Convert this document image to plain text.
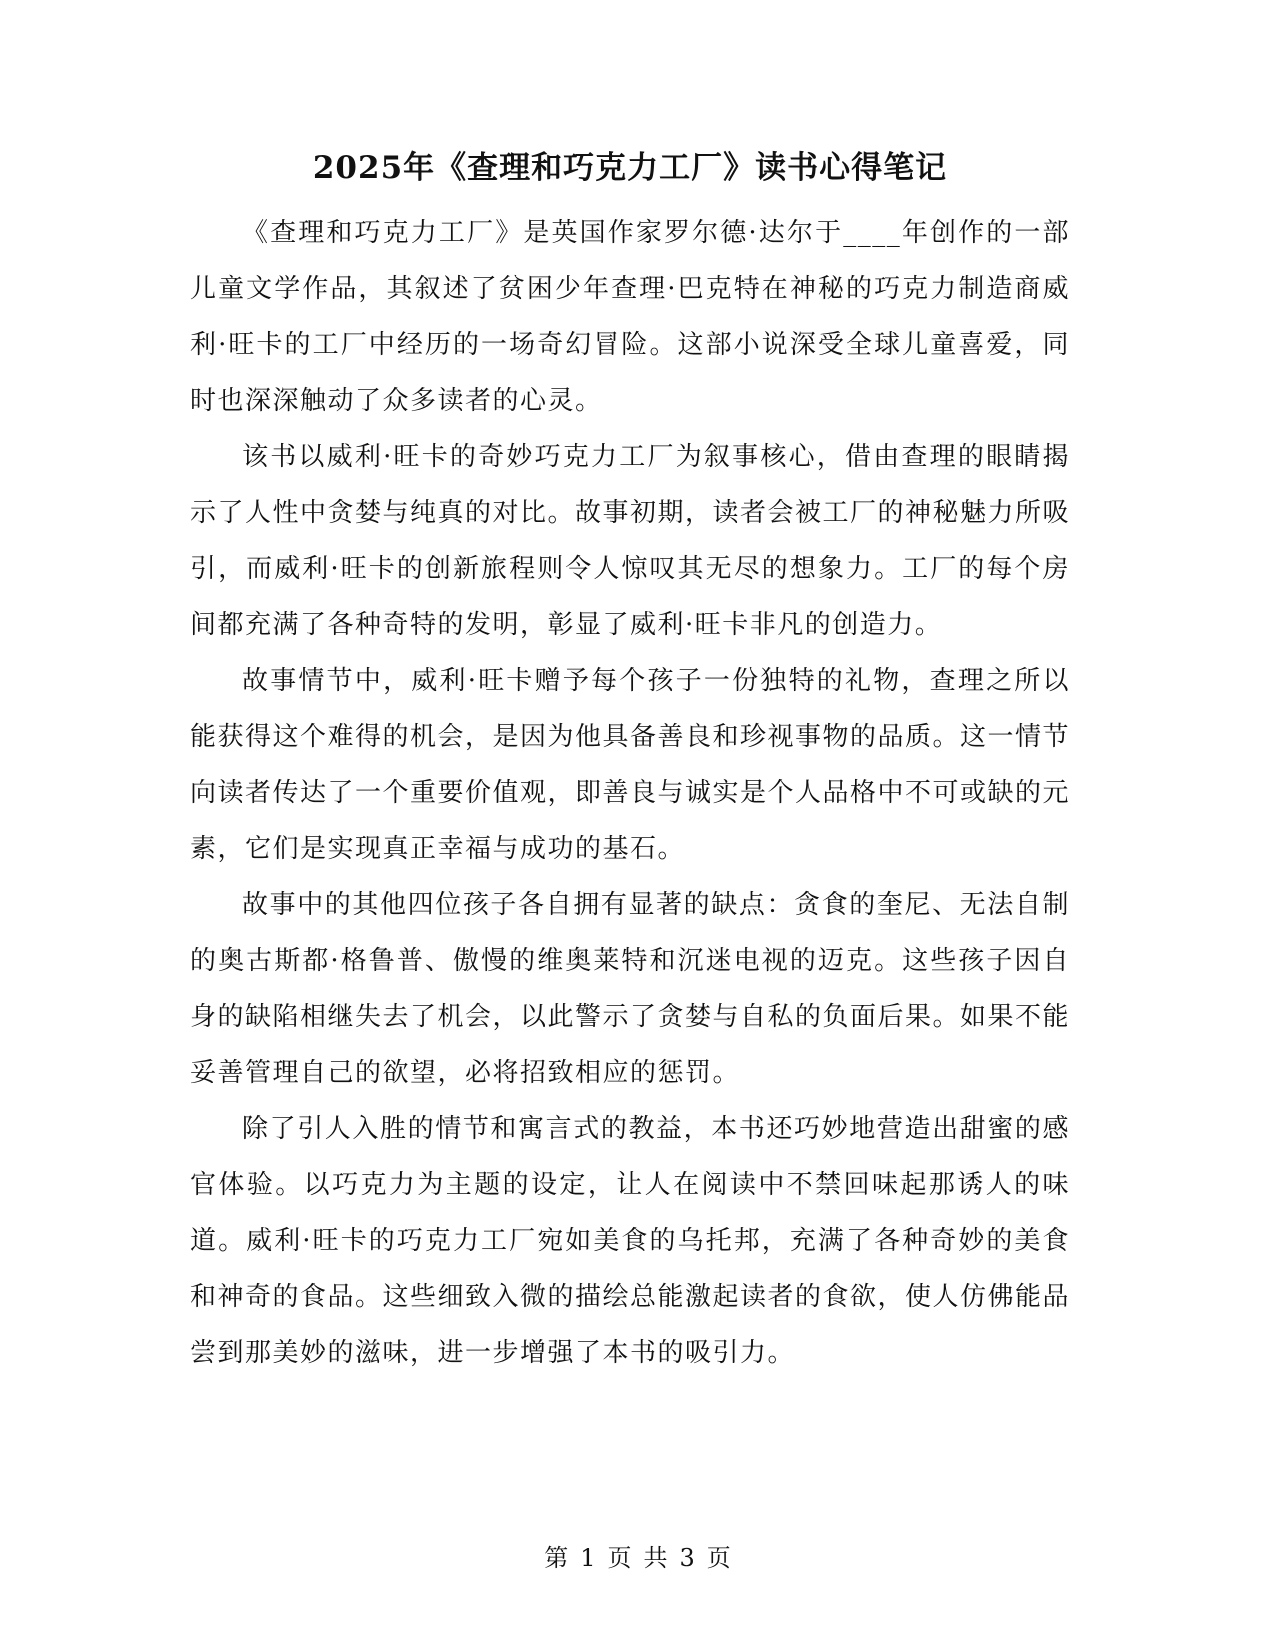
2025年《查理和巧克力工厂》读书心得笔记

《查理和巧克力工厂》是英国作家罗尔德·达尔于____年创作的一部儿童文学作品，其叙述了贫困少年查理·巴克特在神秘的巧克力制造商威利·旺卡的工厂中经历的一场奇幻冒险。这部小说深受全球儿童喜爱，同时也深深触动了众多读者的心灵。

该书以威利·旺卡的奇妙巧克力工厂为叙事核心，借由查理的眼睛揭示了人性中贪婪与纯真的对比。故事初期，读者会被工厂的神秘魅力所吸引，而威利·旺卡的创新旅程则令人惊叹其无尽的想象力。工厂的每个房间都充满了各种奇特的发明，彰显了威利·旺卡非凡的创造力。

故事情节中，威利·旺卡赠予每个孩子一份独特的礼物，查理之所以能获得这个难得的机会，是因为他具备善良和珍视事物的品质。这一情节向读者传达了一个重要价值观，即善良与诚实是个人品格中不可或缺的元素，它们是实现真正幸福与成功的基石。

故事中的其他四位孩子各自拥有显著的缺点：贪食的奎尼、无法自制的奥古斯都·格鲁普、傲慢的维奥莱特和沉迷电视的迈克。这些孩子因自身的缺陷相继失去了机会，以此警示了贪婪与自私的负面后果。如果不能妥善管理自己的欲望，必将招致相应的惩罚。

除了引人入胜的情节和寓言式的教益，本书还巧妙地营造出甜蜜的感官体验。以巧克力为主题的设定，让人在阅读中不禁回味起那诱人的味道。威利·旺卡的巧克力工厂宛如美食的乌托邦，充满了各种奇妙的美食和神奇的食品。这些细致入微的描绘总能激起读者的食欲，使人仿佛能品尝到那美妙的滋味，进一步增强了本书的吸引力。

第 1 页 共 3 页
